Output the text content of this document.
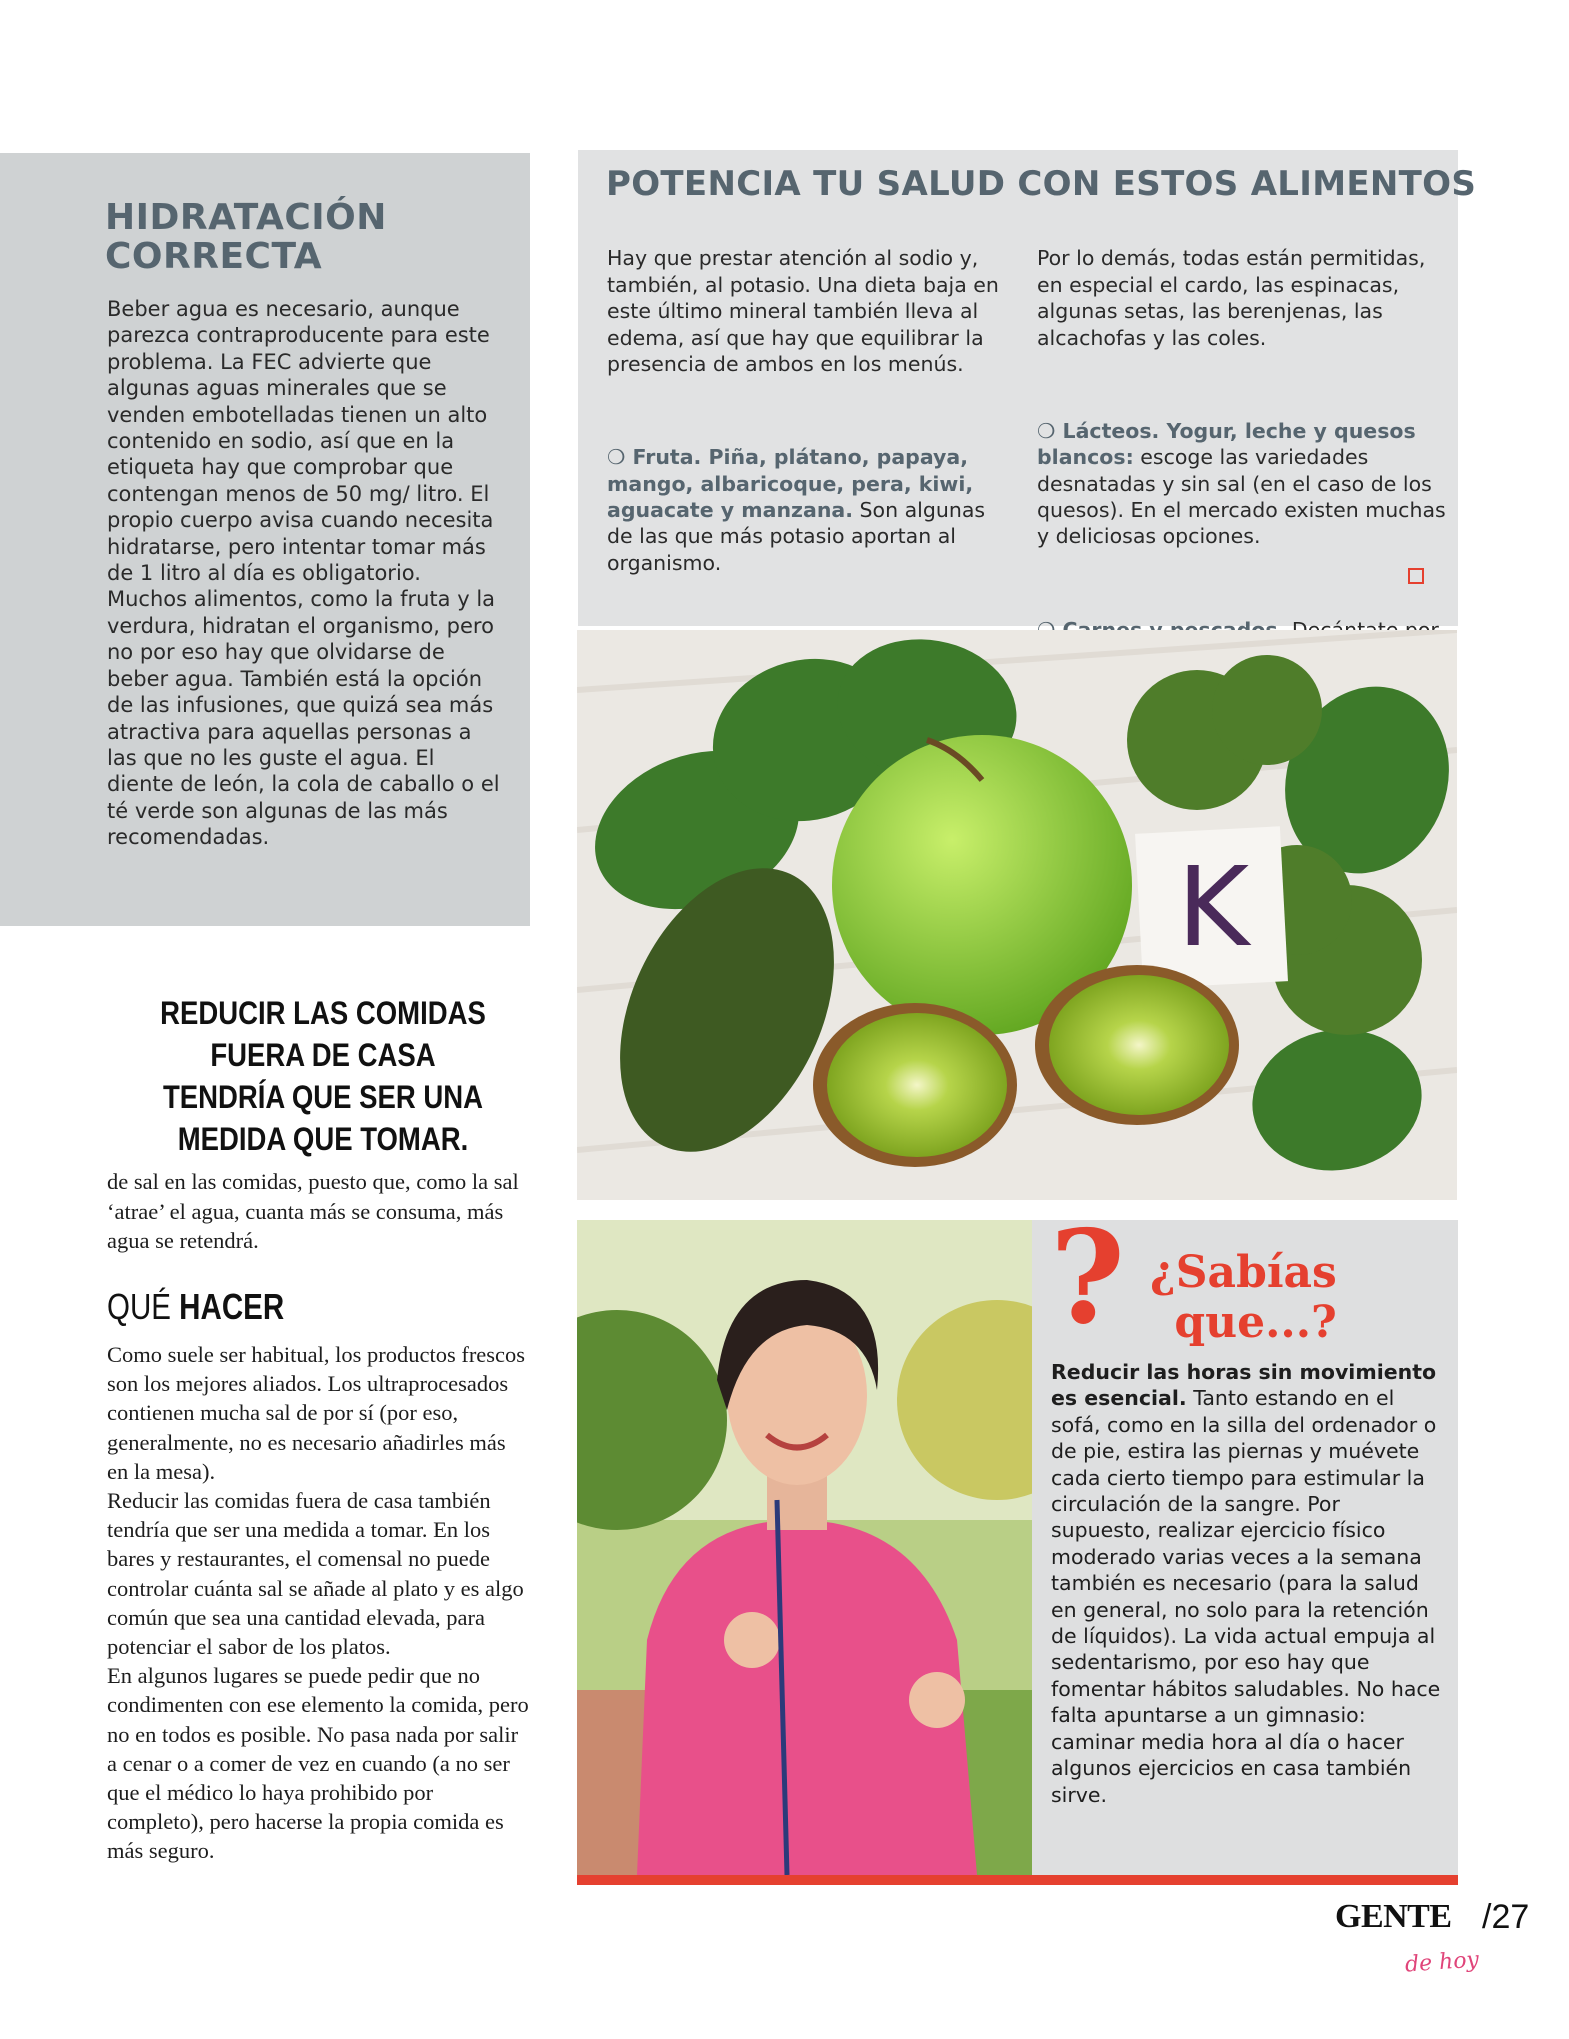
HIDRATACIÓN
CORRECTA
Beber agua es necesario, aunque parezca contraproducente para este problema. La FEC advierte que algunas aguas minerales que se venden embotelladas tienen un alto contenido en sodio, así que en la etiqueta hay que comprobar que contengan menos de 50 mg/ litro. El propio cuerpo avisa cuando necesita hidratarse, pero intentar tomar más de 1 litro al día es obligatorio. Muchos alimentos, como la fruta y la verdura, hidratan el organismo, pero no por eso hay que olvidarse de beber agua. También está la opción de las infusiones, que quizá sea más atractiva para aquellas personas a las que no les guste el agua. El diente de león, la cola de caballo o el té verde son algunas de las más recomendadas.
REDUCIR LAS COMIDAS FUERA DE CASA TENDRÍA QUE SER UNA MEDIDA QUE TOMAR.
de sal en las comidas, puesto que, como la sal ‘atrae’ el agua, cuanta más se consuma, más agua se retendrá.
QUÉ HACER
Como suele ser habitual, los productos frescos son los mejores aliados. Los ultraprocesados contienen mucha sal de por sí (por eso, generalmente, no es necesario añadirles más en la mesa).
Reducir las comidas fuera de casa también tendría que ser una medida a tomar. En los bares y restaurantes, el comensal no puede controlar cuánta sal se añade al plato y es algo común que sea una cantidad elevada, para potenciar el sabor de los platos.
En algunos lugares se puede pedir que no condimenten con ese elemento la comida, pero no en todos es posible. No pasa nada por salir a cenar o a comer de vez en cuando (a no ser que el médico lo haya prohibido por completo), pero hacerse la propia comida es más seguro.
POTENCIA TU SALUD CON ESTOS ALIMENTOS

Hay que prestar atención al sodio y, también, al potasio. Una dieta baja en este último mineral también lleva al edema, así que hay que equilibrar la presencia de ambos en los menús.

❍ Fruta. Piña, plátano, papaya, mango, albaricoque, pera, kiwi, aguacate y manzana. Son algunas de las que más potasio aportan al organismo.

Por lo demás, todas están permitidas, en especial el cardo, las espinacas, algunas setas, las berenjenas, las alcachofas y las coles.

❍ Lácteos. Yogur, leche y quesos blancos: escoge las variedades desnatadas y sin sal (en el caso de los quesos). En el mercado existen muchas y deliciosas opciones.

K
? ¿Sabías
que...?
Reducir las horas sin movimiento es esencial. Tanto estando en el sofá, como en la silla del ordenador o de pie, estira las piernas y muévete cada cierto tiempo para estimular la circulación de la sangre. Por supuesto, realizar ejercicio físico moderado varias veces a la semana también es necesario (para la salud en general, no solo para la retención de líquidos). La vida actual empuja al sedentarismo, por eso hay que fomentar hábitos saludables. No hace falta apuntarse a un gimnasio: caminar media hora al día o hacer algunos ejercicios en casa también sirve.
GENTE
de hoy
/27
